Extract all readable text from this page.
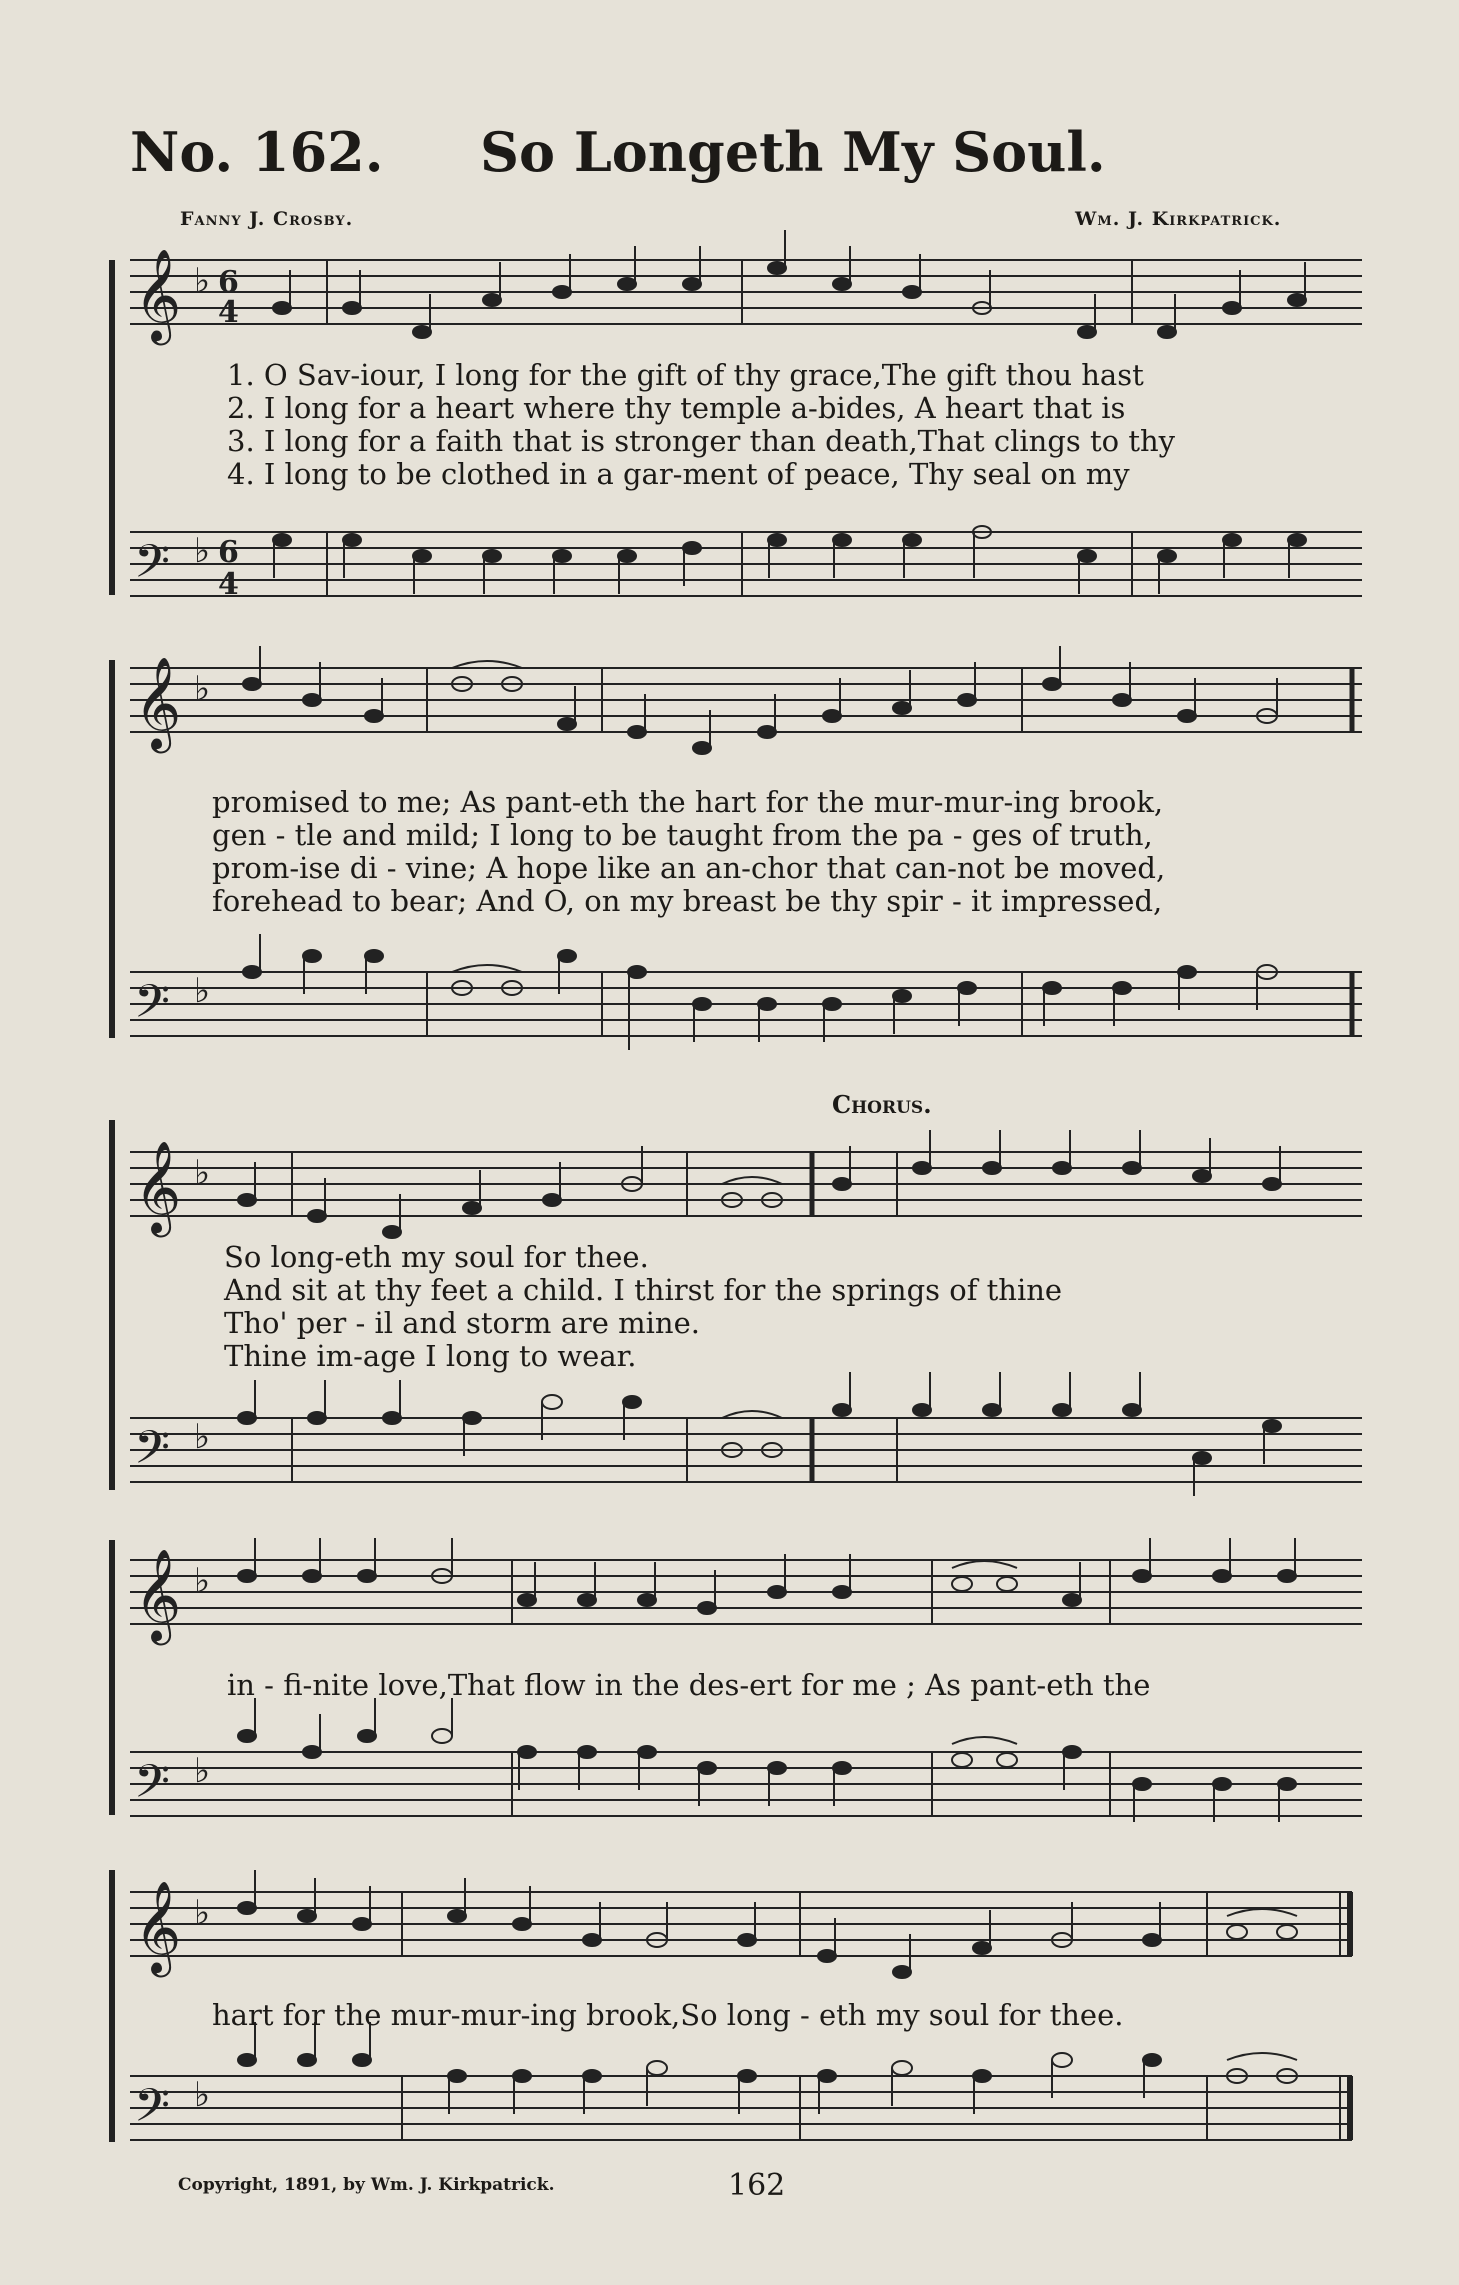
No. 162. So Longeth My Soul.
Fanny J. Crosby.	Wm. J. Kirkpatrick.
𝄞 ♭ 6
4
𝄢 ♭ 6
4
1. O Sav-iour, I long for the gift of thy grace,The gift thou hast
2. I long for a heart where thy temple a-bides, A heart that is
3. I long for a faith that is stronger than death,That clings to thy
4. I long to be clothed in a gar-ment of peace, Thy seal on my
𝄞 ♭
𝄢 ♭
promised to me; As pant-eth the hart for the mur-mur-ing brook,
gen - tle and mild; I long to be taught from the pa - ges of truth,
prom-ise di - vine; A hope like an an-chor that can-not be moved,
forehead to bear; And O, on my breast be thy spir - it impressed,
Chorus.
𝄞 ♭
𝄢 ♭
So long-eth my soul for thee.
And sit at thy feet a child. I thirst for the springs of thine
Tho' per - il and storm are mine.
Thine im-age I long to wear.
𝄞 ♭
𝄢 ♭
in - fi-nite love,That flow in the des-ert for me ; As pant-eth the
𝄞 ♭
𝄢 ♭
hart for the mur-mur-ing brook,So long - eth my soul for thee.
Copyright, 1891, by Wm. J. Kirkpatrick.	162
